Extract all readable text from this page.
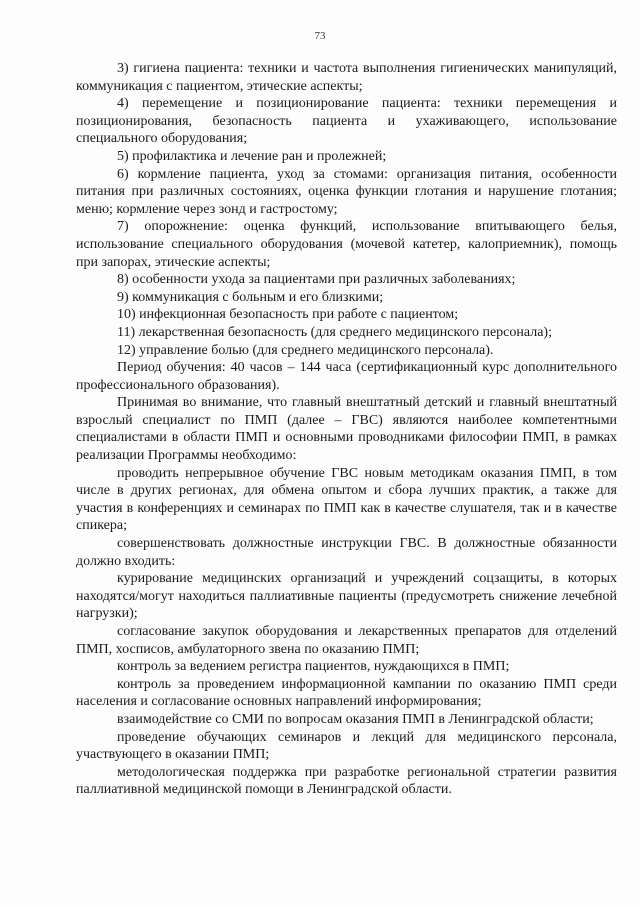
73

3) гигиена пациента: техники и частота выполнения гигиенических манипуляций, коммуникация с пациентом, этические аспекты;

4) перемещение и позиционирование пациента: техники перемещения и позиционирования, безопасность пациента и ухаживающего, использование специального оборудования;

5) профилактика и лечение ран и пролежней;

6) кормление пациента, уход за стомами: организация питания, особенности питания при различных состояниях, оценка функции глотания и нарушение глотания; меню; кормление через зонд и гастростому;

7) опорожнение: оценка функций, использование впитывающего белья, использование специального оборудования (мочевой катетер, калоприемник), помощь при запорах, этические аспекты;

8) особенности ухода за пациентами при различных заболеваниях;

9) коммуникация с больным и его близкими;

10) инфекционная безопасность при работе с пациентом;

11) лекарственная безопасность (для среднего медицинского персонала);

12) управление болью (для среднего медицинского персонала).

Период обучения: 40 часов – 144 часа (сертификационный курс дополнительного профессионального образования).

Принимая во внимание, что главный внештатный детский и главный внештатный взрослый специалист по ПМП (далее – ГВС) являются наиболее компетентными специалистами в области ПМП и основными проводниками философии ПМП, в рамках реализации Программы необходимо:

проводить непрерывное обучение ГВС новым методикам оказания ПМП, в том числе в других регионах, для обмена опытом и сбора лучших практик, а также для участия в конференциях и семинарах по ПМП как в качестве слушателя, так и в качестве спикера;

совершенствовать должностные инструкции ГВС. В должностные обязанности должно входить:

курирование медицинских организаций и учреждений соцзащиты, в которых находятся/могут находиться паллиативные пациенты (предусмотреть снижение лечебной нагрузки);

согласование закупок оборудования и лекарственных препаратов для отделений ПМП, хосписов, амбулаторного звена по оказанию ПМП;

контроль за ведением регистра пациентов, нуждающихся в ПМП;

контроль за проведением информационной кампании по оказанию ПМП среди населения и согласование основных направлений информирования;

взаимодействие со СМИ по вопросам оказания ПМП в Ленинградской области;

проведение обучающих семинаров и лекций для медицинского персонала, участвующего в оказании ПМП;

методологическая поддержка при разработке региональной стратегии развития паллиативной медицинской помощи в Ленинградской области.
